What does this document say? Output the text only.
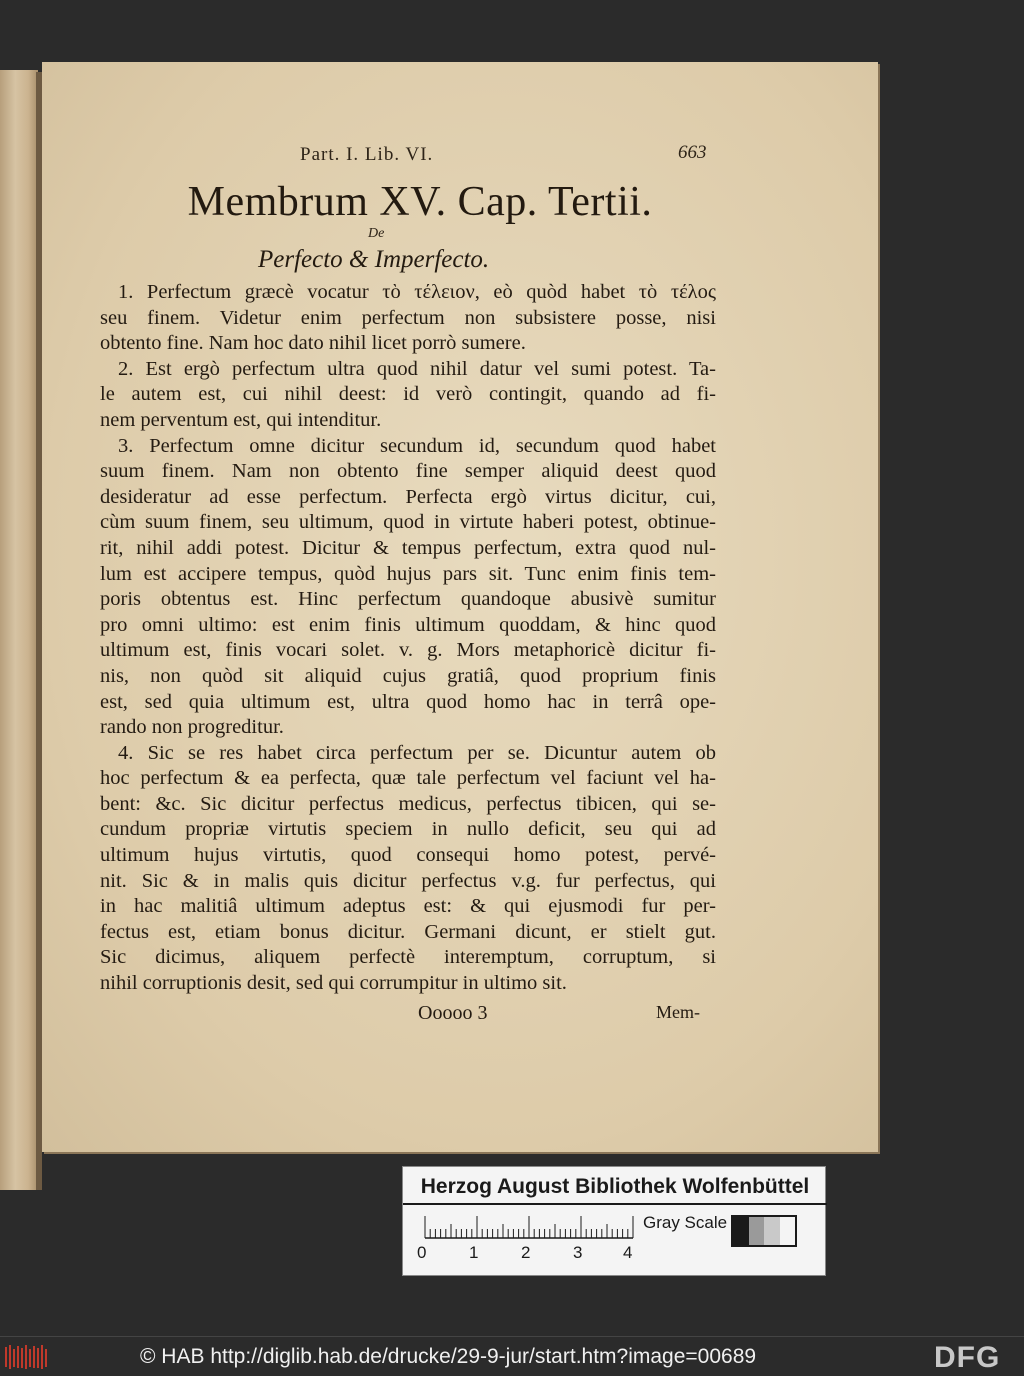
Part. I. Lib. VI.	663
Membrum XV. Cap. Tertii.
De
Perfecto & Imperfecto.
1. Perfectum græcè vocatur τὸ τέλειον, eò quòd habet τὸ τέλος
seu finem. Videtur enim perfectum non subsistere posse, nisi
obtento fine. Nam hoc dato nihil licet porrò sumere.
2. Est ergò perfectum ultra quod nihil datur vel sumi potest. Ta-
le autem est, cui nihil deest: id verò contingit, quando ad fi-
nem perventum est, qui intenditur.
3. Perfectum omne dicitur secundum id, secundum quod habet
suum finem. Nam non obtento fine semper aliquid deest quod
desideratur ad esse perfectum. Perfecta ergò virtus dicitur, cui,
cùm suum finem, seu ultimum, quod in virtute haberi potest, obtinue-
rit, nihil addi potest. Dicitur & tempus perfectum, extra quod nul-
lum est accipere tempus, quòd hujus pars sit. Tunc enim finis tem-
poris obtentus est. Hinc perfectum quandoque abusivè sumitur
pro omni ultimo: est enim finis ultimum quoddam, & hinc quod
ultimum est, finis vocari solet. v. g. Mors metaphoricè dicitur fi-
nis, non quòd sit aliquid cujus gratiâ, quod proprium finis
est, sed quia ultimum est, ultra quod homo hac in terrâ ope-
rando non progreditur.
4. Sic se res habet circa perfectum per se. Dicuntur autem ob
hoc perfectum & ea perfecta, quæ tale perfectum vel faciunt vel ha-
bent: &c. Sic dicitur perfectus medicus, perfectus tibicen, qui se-
cundum propriæ virtutis speciem in nullo deficit, seu qui ad
ultimum hujus virtutis, quod consequi homo potest, pervé-
nit. Sic & in malis quis dicitur perfectus v.g. fur perfectus, qui
in hac malitiâ ultimum adeptus est: & qui ejusmodi fur per-
fectus est, etiam bonus dicitur. Germani dicunt, er stielt gut.
Sic dicimus, aliquem perfectè interemptum, corruptum, si
nihil corruptionis desit, sed qui corrumpitur in ultimo sit.
Ooooo 3	Mem-
Herzog August Bibliothek Wolfenbüttel
0	1	2	3 4
Gray Scale
© HAB http://diglib.hab.de/drucke/29-9-jur/start.htm?image=00689	DFG
